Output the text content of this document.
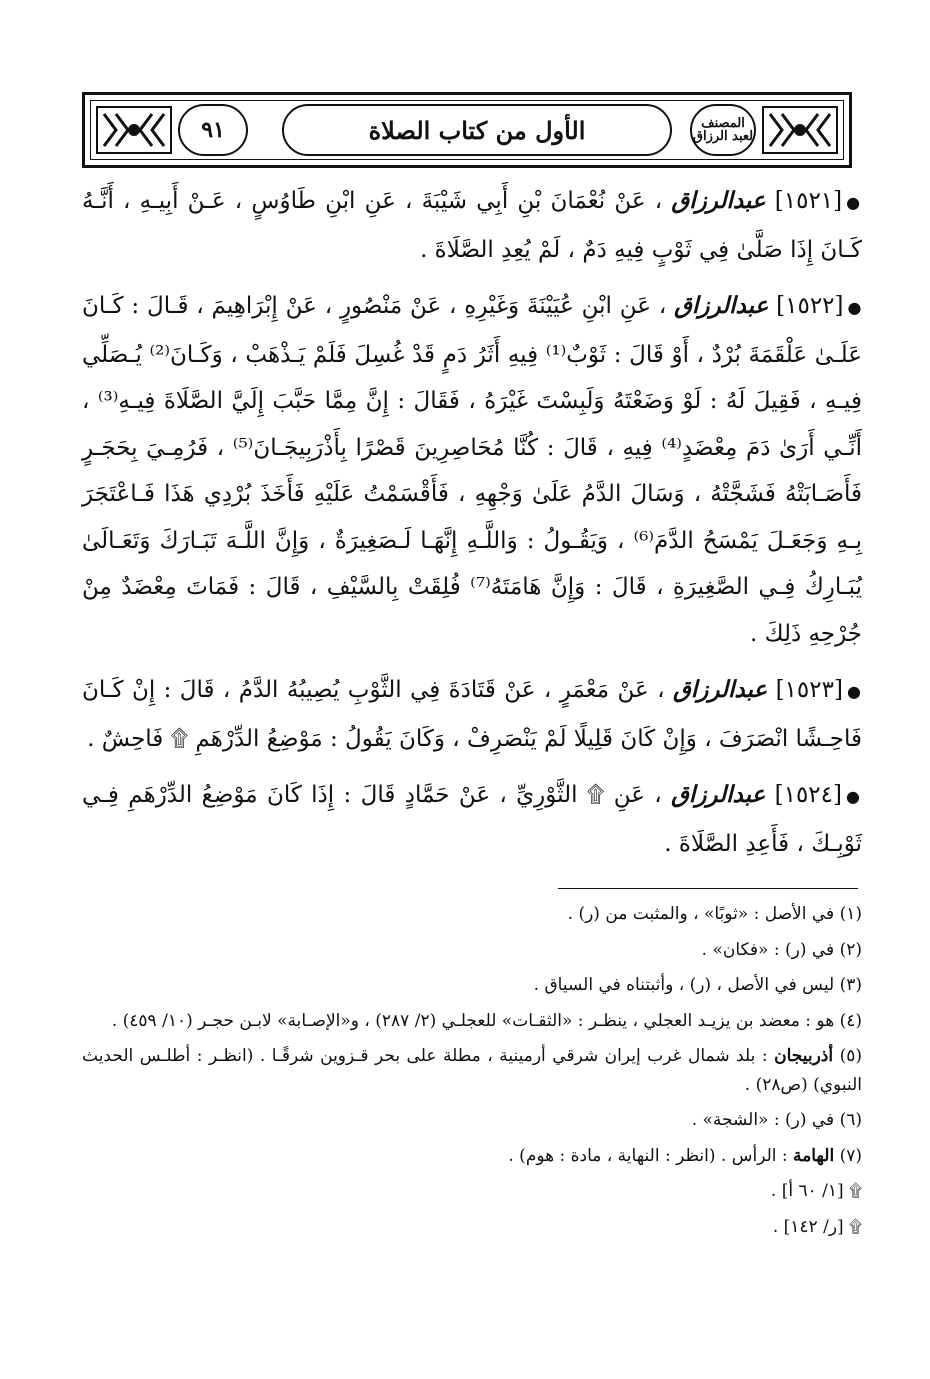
٩١	الأول من كتاب الصلاة	المصنف
لعبد الرزاق

●[١٥٢١] عبدالرزاق ، عَنْ نُعْمَانَ بْنِ أَبِي شَيْبَةَ ، عَنِ ابْنِ طَاوُسٍ ، عَـنْ أَبِيـهِ ، أَنَّـهُ كَـانَ إِذَا صَلَّىٰ فِي ثَوْبٍ فِيهِ دَمٌ ، لَمْ يُعِدِ الصَّلَاةَ .

●[١٥٢٢] عبدالرزاق ، عَنِ ابْنِ عُيَيْنَةَ وَغَيْرِهِ ، عَنْ مَنْصُورٍ ، عَنْ إِبْرَاهِيمَ ، قَـالَ : كَـانَ عَلَـىٰ عَلْقَمَةَ بُرْدٌ ، أَوْ قَالَ : ثَوْبٌ⁽¹⁾ فِيهِ أَثَرُ دَمٍ قَدْ غُسِلَ فَلَمْ يَـذْهَبْ ، وَكَـانَ⁽²⁾ يُـصَلِّي فِيـهِ ، فَقِيلَ لَهُ : لَوْ وَضَعْتَهُ وَلَبِسْتَ غَيْرَهُ ، فَقَالَ : إِنَّ مِمَّا حَبَّبَ إِلَيَّ الصَّلَاةَ فِيـهِ⁽³⁾ ، أَنِّـي أَرَىٰ دَمَ مِعْضَدٍ⁽⁴⁾ فِيهِ ، قَالَ : كُنَّا مُحَاصِرِينَ قَصْرًا بِأَذْرَبِيجَـانَ⁽⁵⁾ ، فَرُمِـيَ بِحَجَـرٍ فَأَصَـابَتْهُ فَشَجَّتْهُ ، وَسَالَ الدَّمُ عَلَىٰ وَجْهِهِ ، فَأَقْسَمْتُ عَلَيْهِ فَأَخَذَ بُرْدِي هَذَا فَـاعْتَجَرَ بِـهِ وَجَعَـلَ يَمْسَحُ الدَّمَ⁽⁶⁾ ، وَيَقُـولُ : وَاللَّـهِ إِنَّهَـا لَـصَغِيرَةٌ ، وَإِنَّ اللَّـهَ تَبَـارَكَ وَتَعَـالَىٰ يُبَـارِكُ فِـي الصَّغِيرَةِ ، قَالَ : وَإِنَّ هَامَتَهُ⁽⁷⁾ فُلِقَتْ بِالسَّيْفِ ، قَالَ : فَمَاتَ مِعْضَدٌ مِنْ جُرْحِهِ ذَلِكَ .

●[١٥٢٣] عبدالرزاق ، عَنْ مَعْمَرٍ ، عَنْ قَتَادَةَ فِي الثَّوْبِ يُصِيبُهُ الدَّمُ ، قَالَ : إِنْ كَـانَ فَاحِـشًا انْصَرَفَ ، وَإِنْ كَانَ قَلِيلًا لَمْ يَنْصَرِفْ ، وَكَانَ يَقُولُ : مَوْضِعُ الدِّرْهَمِ ۩ فَاحِشٌ .

●[١٥٢٤] عبدالرزاق ، عَنِ ۩ الثَّوْرِيِّ ، عَنْ حَمَّادٍ قَالَ : إِذَا كَانَ مَوْضِعُ الدِّرْهَمِ فِـي ثَوْبِـكَ ، فَأَعِدِ الصَّلَاةَ .

(١) في الأصل : «ثوبًا» ، والمثبت من (ر) .
(٢) في (ر) : «فكان» .
(٣) ليس في الأصل ، (ر) ، وأثبتناه في السياق .
(٤) هو : معضد بن يزيـد العجلي ، ينظـر : «الثقـات» للعجلـي (٢/ ٢٨٧) ، و«الإصـابة» لابـن حجـر (١٠/ ٤٥٩) .
(٥) أذربيجان : بلد شمال غرب إيران شرقي أرمينية ، مطلة على بحر قـزوين شرقًـا . (انظـر : أطلـس الحديث النبوي) (ص٢٨) .
(٦) في (ر) : «الشجة» .
(٧) الهامة : الرأس . (انظر : النهاية ، مادة : هوم) .
۩ [١/ ٦٠ أ] .
۩ [ر/ ١٤٢] .
